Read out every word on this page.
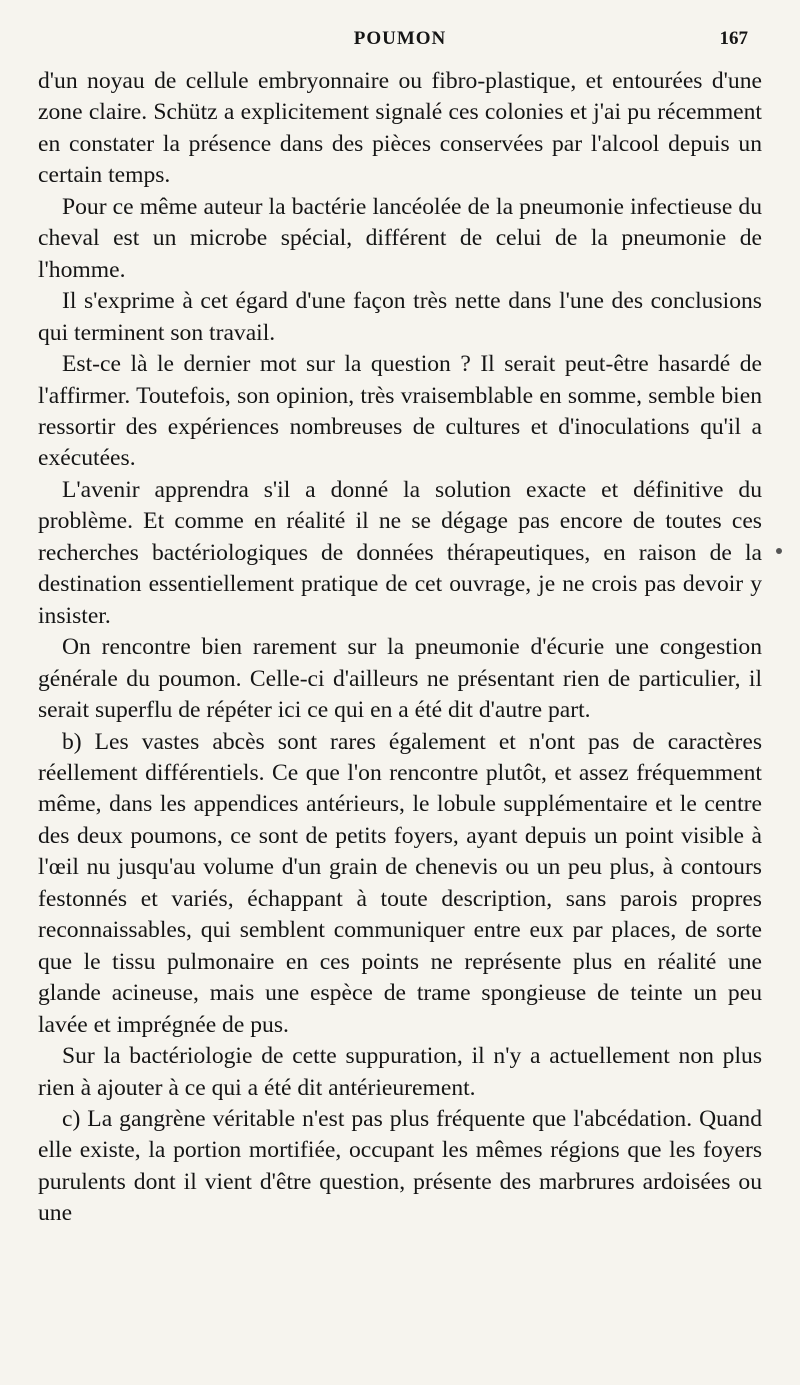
POUMON	167

d'un noyau de cellule embryonnaire ou fibro-plastique, et entourées d'une zone claire. Schütz a explicitement signalé ces colonies et j'ai pu récemment en constater la présence dans des pièces conservées par l'alcool depuis un certain temps.

Pour ce même auteur la bactérie lancéolée de la pneumonie infectieuse du cheval est un microbe spécial, différent de celui de la pneumonie de l'homme.

Il s'exprime à cet égard d'une façon très nette dans l'une des conclusions qui terminent son travail.

Est-ce là le dernier mot sur la question ? Il serait peut-être hasardé de l'affirmer. Toutefois, son opinion, très vraisemblable en somme, semble bien ressortir des expériences nombreuses de cultures et d'inoculations qu'il a exécutées.

L'avenir apprendra s'il a donné la solution exacte et définitive du problème. Et comme en réalité il ne se dégage pas encore de toutes ces recherches bactériologiques de données thérapeutiques, en raison de la destination essentiellement pratique de cet ouvrage, je ne crois pas devoir y insister.

On rencontre bien rarement sur la pneumonie d'écurie une congestion générale du poumon. Celle-ci d'ailleurs ne présentant rien de particulier, il serait superflu de répéter ici ce qui en a été dit d'autre part.

b) Les vastes abcès sont rares également et n'ont pas de caractères réellement différentiels. Ce que l'on rencontre plutôt, et assez fréquemment même, dans les appendices antérieurs, le lobule supplémentaire et le centre des deux poumons, ce sont de petits foyers, ayant depuis un point visible à l'œil nu jusqu'au volume d'un grain de chenevis ou un peu plus, à contours festonnés et variés, échappant à toute description, sans parois propres reconnaissables, qui semblent communiquer entre eux par places, de sorte que le tissu pulmonaire en ces points ne représente plus en réalité une glande acineuse, mais une espèce de trame spongieuse de teinte un peu lavée et imprégnée de pus.

Sur la bactériologie de cette suppuration, il n'y a actuellement non plus rien à ajouter à ce qui a été dit antérieurement.

c) La gangrène véritable n'est pas plus fréquente que l'abcédation. Quand elle existe, la portion mortifiée, occupant les mêmes régions que les foyers purulents dont il vient d'être question, présente des marbrures ardoisées ou une
